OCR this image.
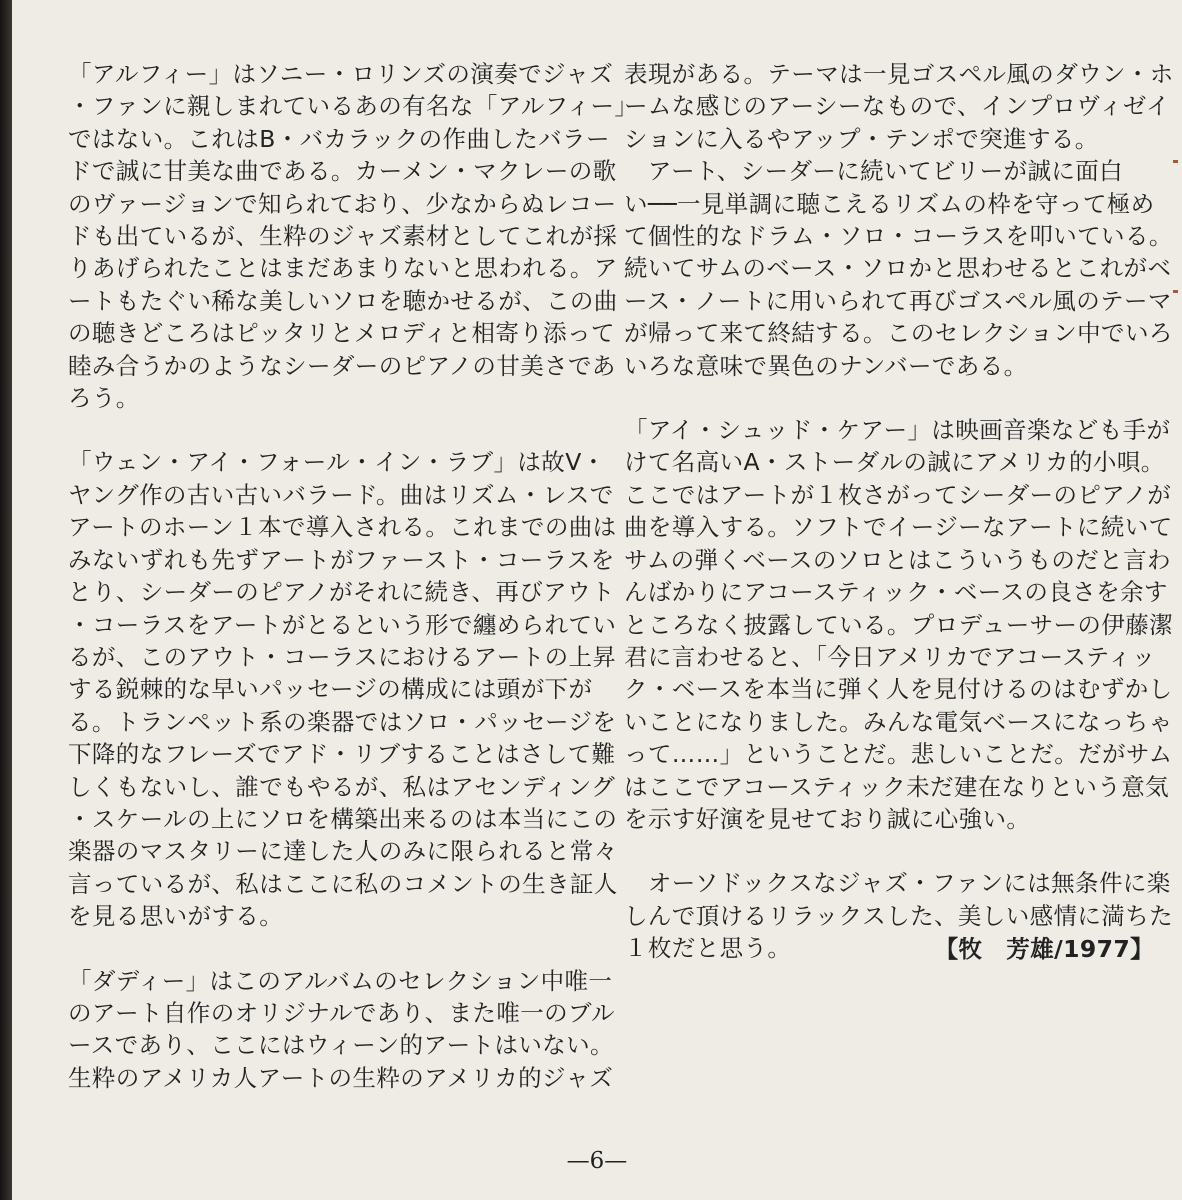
「アルフィー」はソニー・ロリンズの演奏でジャズ
・ファンに親しまれているあの有名な「アルフィー」
ではない。これはB・バカラックの作曲したバラー
ドで誠に甘美な曲である。カーメン・マクレーの歌
のヴァージョンで知られており、少なからぬレコー
ドも出ているが、生粋のジャズ素材としてこれが採
りあげられたことはまだあまりないと思われる。ア
ートもたぐい稀な美しいソロを聴かせるが、この曲
の聴きどころはピッタリとメロディと相寄り添って
睦み合うかのようなシーダーのピアノの甘美さであ
ろう。

「ウェン・アイ・フォール・イン・ラブ」は故V・
ヤング作の古い古いバラード。曲はリズム・レスで
アートのホーン１本で導入される。これまでの曲は
みないずれも先ずアートがファースト・コーラスを
とり、シーダーのピアノがそれに続き、再びアウト
・コーラスをアートがとるという形で纏められてい
るが、このアウト・コーラスにおけるアートの上昇
する鋭棘的な早いパッセージの構成には頭が下が
る。トランペット系の楽器ではソロ・パッセージを
下降的なフレーズでアド・リブすることはさして難
しくもないし、誰でもやるが、私はアセンディング
・スケールの上にソロを構築出来るのは本当にこの
楽器のマスタリーに達した人のみに限られると常々
言っているが、私はここに私のコメントの生き証人
を見る思いがする。

「ダディー」はこのアルバムのセレクション中唯一
のアート自作のオリジナルであり、また唯一のブル
ースであり、ここにはウィーン的アートはいない。
生粋のアメリカ人アートの生粋のアメリカ的ジャズ

表現がある。テーマは一見ゴスペル風のダウン・ホ
ームな感じのアーシーなもので、インプロヴィゼイ
ションに入るやアップ・テンポで突進する。
　アート、シーダーに続いてビリーが誠に面白
い──一見単調に聴こえるリズムの枠を守って極め
て個性的なドラム・ソロ・コーラスを叩いている。
続いてサムのベース・ソロかと思わせるとこれがベ
ース・ノートに用いられて再びゴスペル風のテーマ
が帰って来て終結する。このセレクション中でいろ
いろな意味で異色のナンバーである。

「アイ・シュッド・ケアー」は映画音楽なども手が
けて名高いA・ストーダルの誠にアメリカ的小唄。
ここではアートが１枚さがってシーダーのピアノが
曲を導入する。ソフトでイージーなアートに続いて
サムの弾くベースのソロとはこういうものだと言わ
んばかりにアコースティック・ベースの良さを余す
ところなく披露している。プロデューサーの伊藤潔
君に言わせると、「今日アメリカでアコースティッ
ク・ベースを本当に弾く人を見付けるのはむずかし
いことになりました。みんな電気ベースになっちゃ
って……」ということだ。悲しいことだ。だがサム
はここでアコースティック未だ建在なりという意気
を示す好演を見せており誠に心強い。

　オーソドックスなジャズ・ファンには無条件に楽
しんで頂けるリラックスした、美しい感情に満ちた
１枚だと思う。	【牧　芳雄/1977】
—6—
